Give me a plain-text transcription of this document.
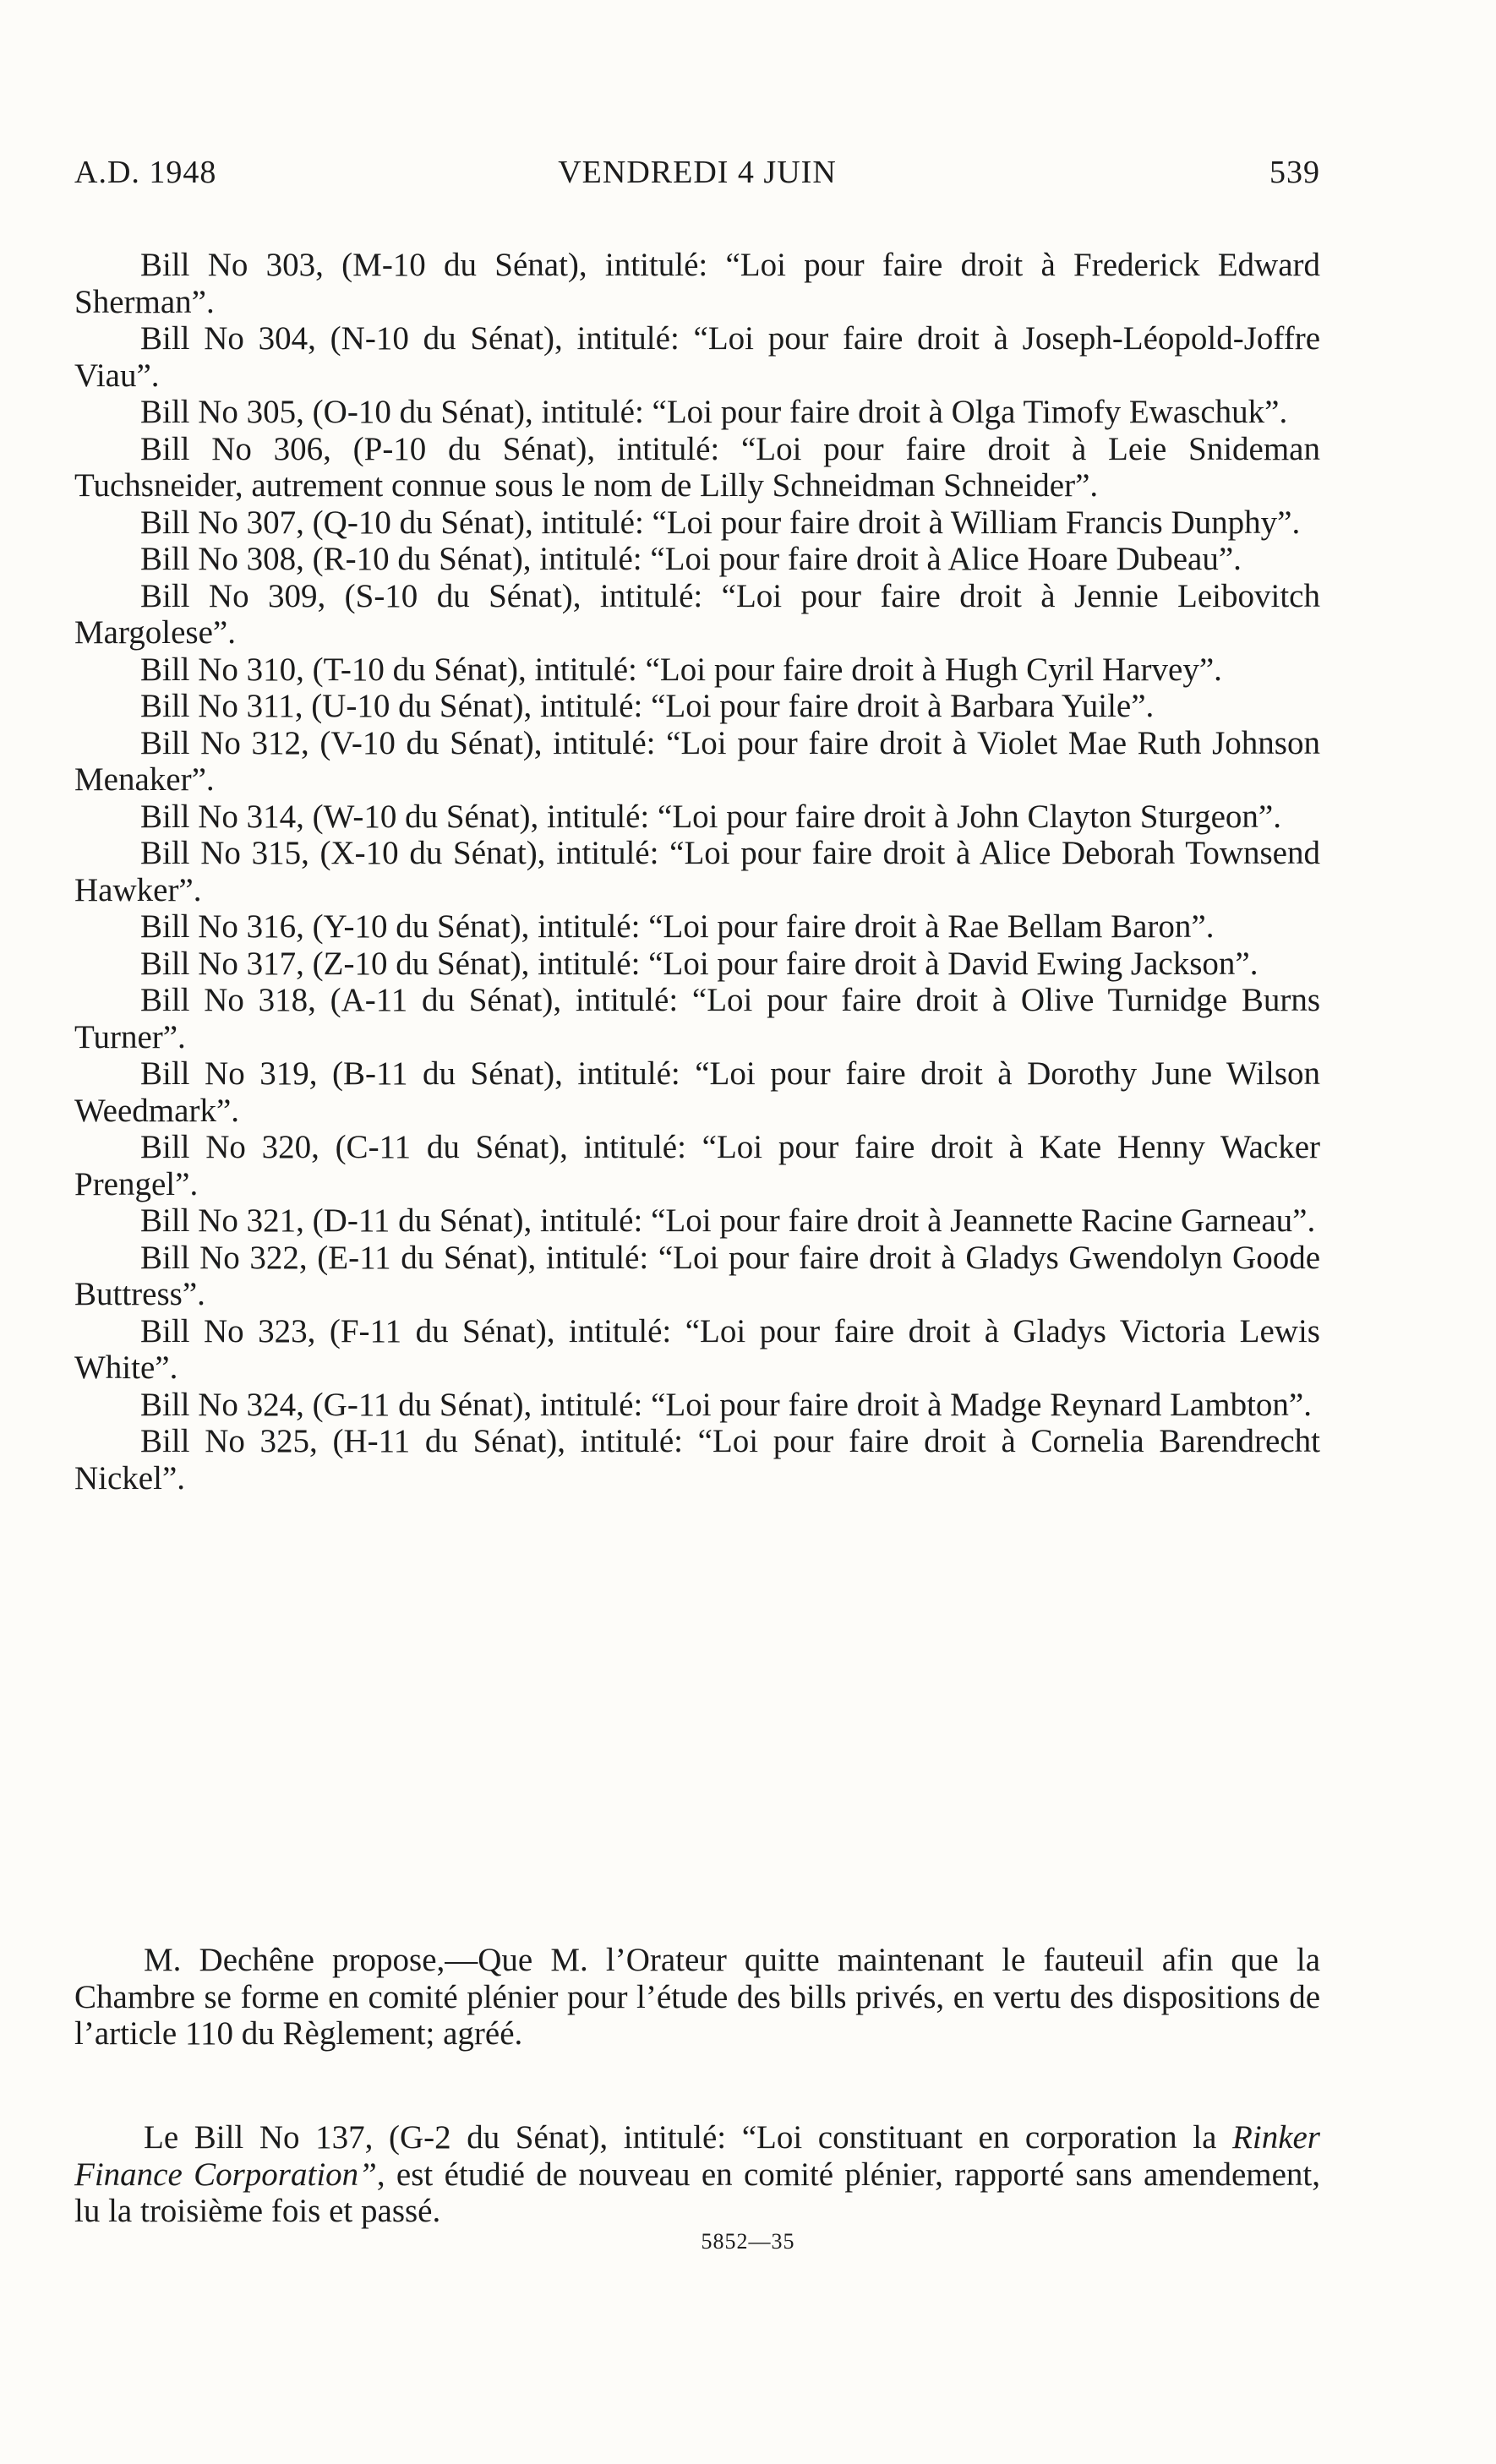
A.D. 1948	VENDREDI 4 JUIN	539
Bill No 303, (M-10 du Sénat), intitulé: “Loi pour faire droit à Frederick Edward Sherman”.
Bill No 304, (N-10 du Sénat), intitulé: “Loi pour faire droit à Joseph-Léopold-Joffre Viau”.
Bill No 305, (O-10 du Sénat), intitulé: “Loi pour faire droit à Olga Timofy Ewaschuk”.
Bill No 306, (P-10 du Sénat), intitulé: “Loi pour faire droit à Leie Snideman Tuchsneider, autrement connue sous le nom de Lilly Schneidman Schneider”.
Bill No 307, (Q-10 du Sénat), intitulé: “Loi pour faire droit à William Francis Dunphy”.
Bill No 308, (R-10 du Sénat), intitulé: “Loi pour faire droit à Alice Hoare Dubeau”.
Bill No 309, (S-10 du Sénat), intitulé: “Loi pour faire droit à Jennie Leibovitch Margolese”.
Bill No 310, (T-10 du Sénat), intitulé: “Loi pour faire droit à Hugh Cyril Harvey”.
Bill No 311, (U-10 du Sénat), intitulé: “Loi pour faire droit à Barbara Yuile”.
Bill No 312, (V-10 du Sénat), intitulé: “Loi pour faire droit à Violet Mae Ruth Johnson Menaker”.
Bill No 314, (W-10 du Sénat), intitulé: “Loi pour faire droit à John Clayton Sturgeon”.
Bill No 315, (X-10 du Sénat), intitulé: “Loi pour faire droit à Alice Deborah Townsend Hawker”.
Bill No 316, (Y-10 du Sénat), intitulé: “Loi pour faire droit à Rae Bellam Baron”.
Bill No 317, (Z-10 du Sénat), intitulé: “Loi pour faire droit à David Ewing Jackson”.
Bill No 318, (A-11 du Sénat), intitulé: “Loi pour faire droit à Olive Turnidge Burns Turner”.
Bill No 319, (B-11 du Sénat), intitulé: “Loi pour faire droit à Dorothy June Wilson Weedmark”.
Bill No 320, (C-11 du Sénat), intitulé: “Loi pour faire droit à Kate Henny Wacker Prengel”.
Bill No 321, (D-11 du Sénat), intitulé: “Loi pour faire droit à Jeannette Racine Garneau”.
Bill No 322, (E-11 du Sénat), intitulé: “Loi pour faire droit à Gladys Gwendolyn Goode Buttress”.
Bill No 323, (F-11 du Sénat), intitulé: “Loi pour faire droit à Gladys Victoria Lewis White”.
Bill No 324, (G-11 du Sénat), intitulé: “Loi pour faire droit à Madge Reynard Lambton”.
Bill No 325, (H-11 du Sénat), intitulé: “Loi pour faire droit à Cornelia Barendrecht Nickel”.

M. Dechêne propose,—Que M. l’Orateur quitte maintenant le fauteuil afin que la Chambre se forme en comité plénier pour l’étude des bills privés, en vertu des dispositions de l’article 110 du Règlement; agréé.

Le Bill No 137, (G-2 du Sénat), intitulé: “Loi constituant en corporation la Rinker Finance Corporation”, est étudié de nouveau en comité plénier, rapporté sans amendement, lu la troisième fois et passé.

5852—35
